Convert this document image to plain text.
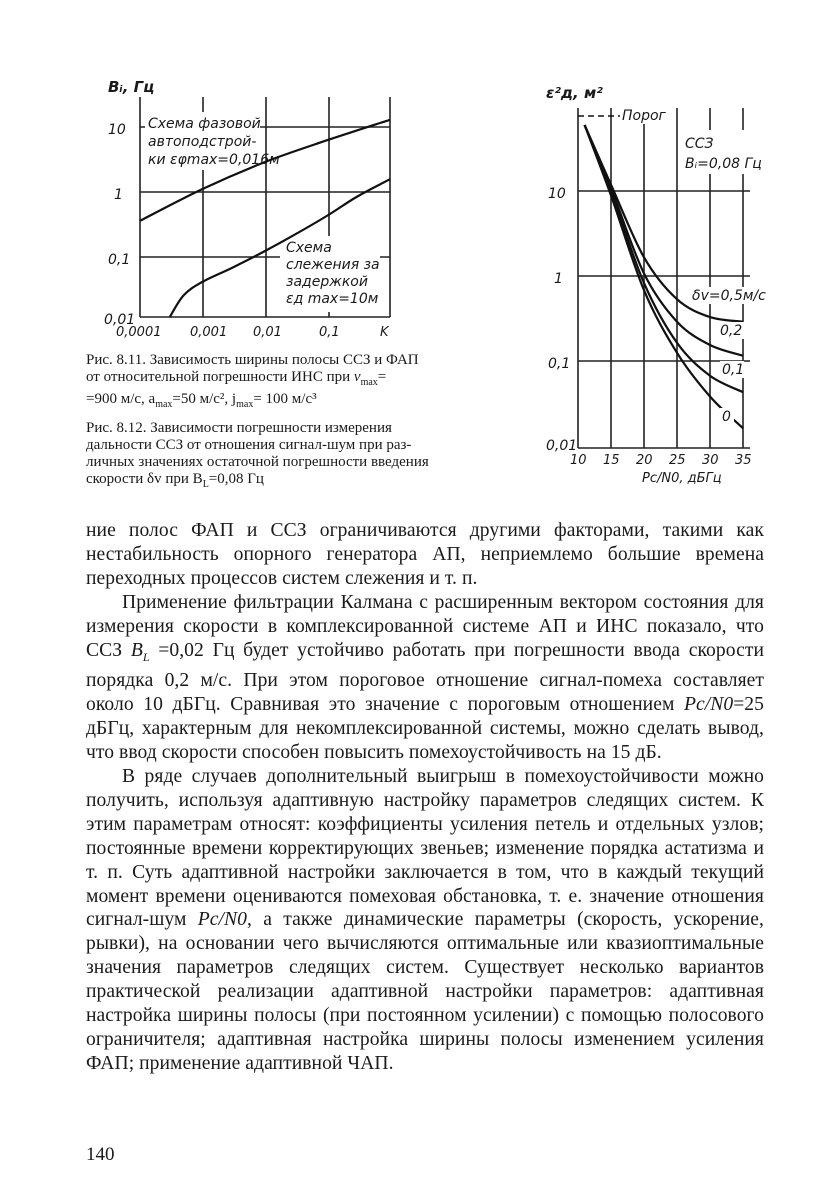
Bᵢ, Гц
10
1
0,1
0,01
0,0001 0,001 0,01	0,1	K
Схема фазовой
автоподстрой-
ки εφmax=0,016м
Схема
слежения за
задержкой
εд max=10м
Рис. 8.11. Зависимость ширины полосы ССЗ и ФАП
от относительной погрешности ИНС при $v_{max}=$
=900 м/с, $a_{max}=50$ м/с², $j_{max}= 100$ м/с³
Рис. 8.12. Зависимости погрешности измерения
дальности ССЗ от отношения сигнал-шум при раз-
личных значениях остаточной погрешности введения
скорости δv при $B_L=0,08$ Гц
ε²д, м²
10
1
0,1
0,01
10 15 20 25 30 35
Pc/N0, дБГц
Порог
ССЗ
Bᵢ=0,08 Гц
δv=0,5м/с
0,2
0,1
0

ние полос ФАП и ССЗ ограничиваются другими факторами, такими как нестабильность опорного генератора АП, неприемлемо большие времена переходных процессов систем слежения и т. п.

Применение фильтрации Калмана с расширенным вектором состояния для измерения скорости в комплексированной системе АП и ИНС показало, что ССЗ $B_L =0,02$ Гц будет устойчиво работать при погрешности ввода скорости порядка 0,2 м/с. При этом пороговое отношение сигнал-помеха составляет около 10 дБГц. Сравнивая это значение с пороговым отношением Pc/N0=25 дБГц, характерным для некомплексированной системы, можно сделать вывод, что ввод скорости способен повысить помехоустойчивость на 15 дБ.

В ряде случаев дополнительный выигрыш в помехоустойчивости можно получить, используя адаптивную настройку параметров следящих систем. К этим параметрам относят: коэффициенты усиления петель и отдельных узлов; постоянные времени корректирующих звеньев; изменение порядка астатизма и т. п. Суть адаптивной настройки заключается в том, что в каждый текущий момент времени оцениваются помеховая обстановка, т. е. значение отношения сигнал-шум Pc/N0, а также динамические параметры (скорость, ускорение, рывки), на основании чего вычисляются оптимальные или квазиоптимальные значения параметров следящих систем. Существует несколько вариантов практической реализации адаптивной настройки параметров: адаптивная настройка ширины полосы (при постоянном усилении) с помощью полосового ограничителя; адаптивная настройка ширины полосы изменением усиления ФАП; применение адаптивной ЧАП.

140
